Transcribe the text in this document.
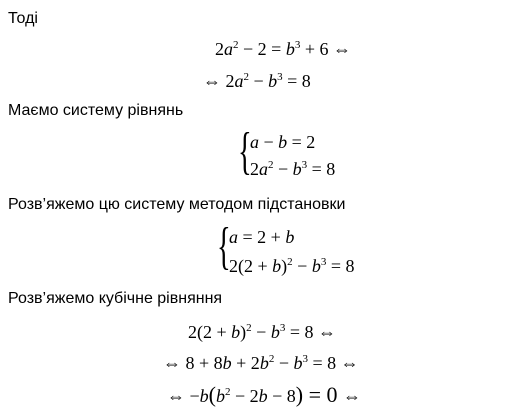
Тоді
Маємо систему рівнянь
Розв’яжемо цю систему методом підстановки
Розв’яжемо кубічне рівняння
$2a^2 - 2 = b^3 + 6$ ⇔
⇔ $2a^2 - b^3 = 8$
{
a − b = 2
$2a^2 - b^3 = 8$
{
a = 2 + b
$2(2 + b)^2 - b^3 = 8$
$2(2 + b)^2 - b^3 = 8$ ⇔
⇔ $8 + 8b + 2b^2 - b^3 = 8$ ⇔
⇔ $-b(b^2 - 2b - 8) = 0$ ⇔
